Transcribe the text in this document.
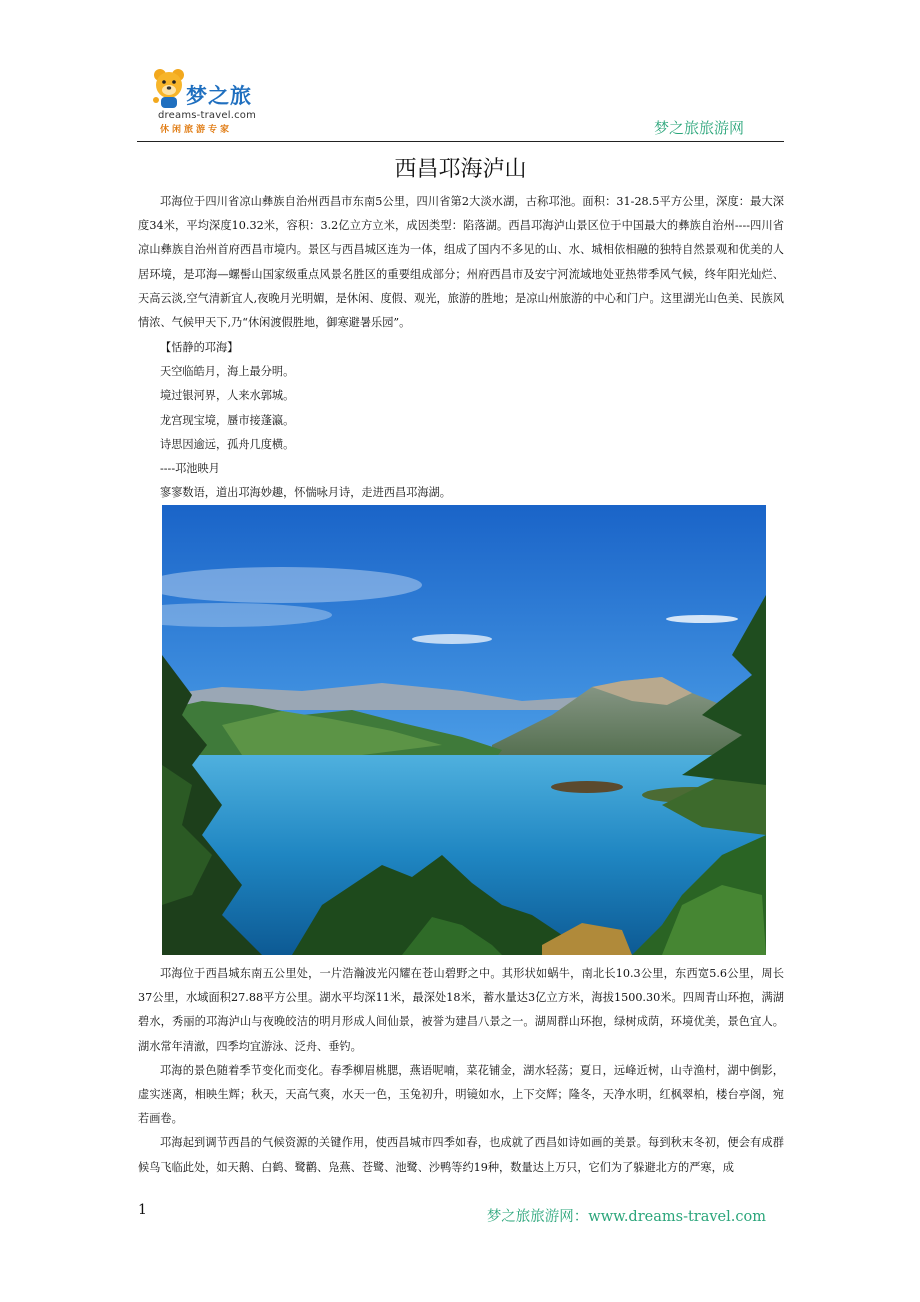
梦之旅
dreams-travel.com
休闲旅游专家	梦之旅旅游网
西昌邛海泸山

邛海位于四川省凉山彝族自治州西昌市东南5公里，四川省第2大淡水湖，古称邛池。面积：31-28.5平方公里，深度：最大深度34米，平均深度10.32米，容积：3.2亿立方立米，成因类型：陷落湖。西昌邛海泸山景区位于中国最大的彝族自治州----四川省凉山彝族自治州首府西昌市境内。景区与西昌城区连为一体，组成了国内不多见的山、水、城相依相融的独特自然景观和优美的人居环境，是邛海—螺髻山国家级重点风景名胜区的重要组成部分；州府西昌市及安宁河流域地处亚热带季风气候，终年阳光灿烂、天高云淡,空气清新宜人,夜晚月光明媚，是休闲、度假、观光，旅游的胜地；是凉山州旅游的中心和门户。这里湖光山色美、民族风情浓、气候甲天下,乃“休闲渡假胜地，御寒避暑乐园”。

【恬静的邛海】
天空临皓月，海上最分明。
境过银河界，人来水郭城。
龙宫现宝境，蜃市接蓬瀛。
诗思因逾远，孤舟几度横。
----邛池映月
寥寥数语，道出邛海妙趣，怀惴咏月诗，走进西昌邛海湖。

邛海位于西昌城东南五公里处，一片浩瀚波光闪耀在苍山碧野之中。其形状如蜗牛，南北长10.3公里，东西宽5.6公里，周长37公里，水域面积27.88平方公里。湖水平均深11米，最深处18米，蓄水量达3亿立方米，海拔1500.30米。四周青山环抱，满湖碧水，秀丽的邛海泸山与夜晚皎洁的明月形成人间仙景，被誉为建昌八景之一。湖周群山环抱，绿树成荫，环境优美，景色宜人。湖水常年清澈，四季均宜游泳、泛舟、垂钓。

邛海的景色随着季节变化而变化。春季柳眉桃腮，燕语呢喃，菜花铺金，湖水轻荡；夏日，远峰近树，山寺渔村，湖中倒影，虚实迷离，相映生辉；秋天，天高气爽，水天一色，玉兔初升，明镜如水，上下交辉；隆冬，天净水明，红枫翠柏，楼台亭阁，宛若画卷。

邛海起到调节西昌的气候资源的关键作用，使西昌城市四季如春，也成就了西昌如诗如画的美景。每到秋末冬初，便会有成群候鸟飞临此处，如天鹅、白鹤、鹭鹳、凫燕、苍鹭、池鹭、沙鸭等约19种，数量达上万只，它们为了躲避北方的严寒，成

1	梦之旅旅游网：www.dreams-travel.com
